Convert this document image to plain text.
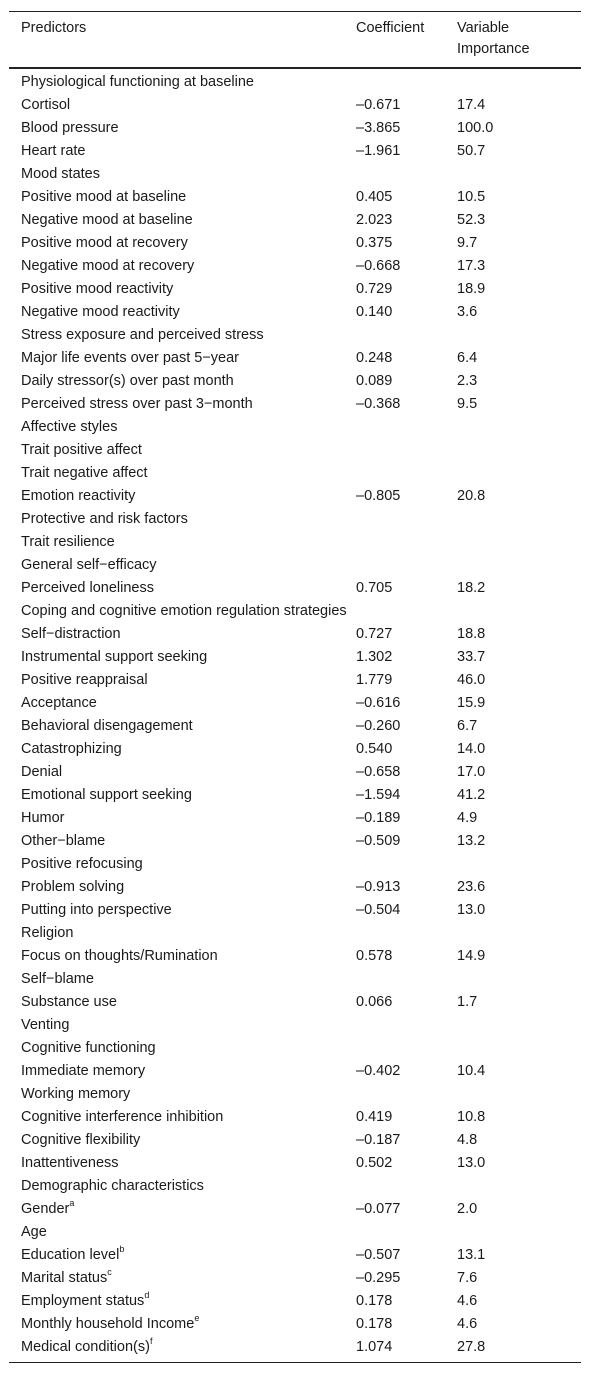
Predictors	Coefficient	Variable Importance
Physiological functioning at baseline		
Cortisol	–0.671	17.4
Blood pressure	–3.865	100.0
Heart rate	–1.961	50.7
Mood states		
Positive mood at baseline	0.405	10.5
Negative mood at baseline	2.023	52.3
Positive mood at recovery	0.375	9.7
Negative mood at recovery	–0.668	17.3
Positive mood reactivity	0.729	18.9
Negative mood reactivity	0.140	3.6
Stress exposure and perceived stress		
Major life events over past 5−year	0.248	6.4
Daily stressor(s) over past month	0.089	2.3
Perceived stress over past 3−month	–0.368	9.5
Affective styles		
Trait positive affect		
Trait negative affect		
Emotion reactivity	–0.805	20.8
Protective and risk factors		
Trait resilience		
General self−efficacy		
Perceived loneliness	0.705	18.2
Coping and cognitive emotion regulation strategies		
Self−distraction	0.727	18.8
Instrumental support seeking	1.302	33.7
Positive reappraisal	1.779	46.0
Acceptance	–0.616	15.9
Behavioral disengagement	–0.260	6.7
Catastrophizing	0.540	14.0
Denial	–0.658	17.0
Emotional support seeking	–1.594	41.2
Humor	–0.189	4.9
Other−blame	–0.509	13.2
Positive refocusing		
Problem solving	–0.913	23.6
Putting into perspective	–0.504	13.0
Religion		
Focus on thoughts/Rumination	0.578	14.9
Self−blame		
Substance use	0.066	1.7
Venting		
Cognitive functioning		
Immediate memory	–0.402	10.4
Working memory		
Cognitive interference inhibition	0.419	10.8
Cognitive flexibility	–0.187	4.8
Inattentiveness	0.502	13.0
Demographic characteristics		
Gender$^a$	–0.077	2.0
Age		
Education level$^b$	–0.507	13.1
Marital status$^c$	–0.295	7.6
Employment status$^d$	0.178	4.6
Monthly household Income$^e$	0.178	4.6
Medical $condition(s)^f$	1.074	27.8
